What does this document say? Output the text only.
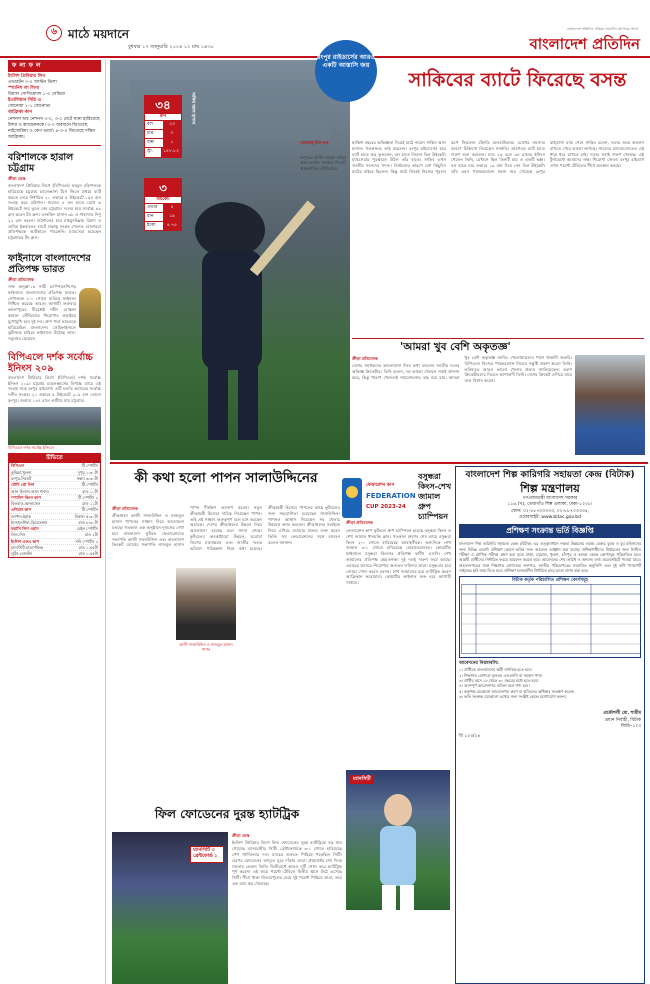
৬ মাঠে ময়দানে
বুধবার ১৭ জানুয়ারি ২০২৪ ১২ মাঘ ১৪৩০
বাংলাদেশ প্রতিদিন পত্রিকা সারাদিন আপনার পাশে
বাংলাদেশ প্রতিদিন
ফলাফল

ইংলিশ প্রিমিয়ার লিগ

এভারটন ০-০ আস্টন ভিলা

স্প্যানিশ লা লিগা

রিয়াল সোসিয়েদাদ ১-০ সেভিয়া

ইতালিয়ান সিরি এ

জেনোয়া ২-১ জেনোভা

আফ্রিকা কাপ

নেশনস অব নেশনস ৩-০, ৩-০ মেটে ঘানা হারিয়েছে মিশর ও ক্যামেরুনকে। ৩-০ ব্যবধানে জিতেছে নাইজেরিয়া ও কেপ ভার্দে। ৪-৩-০ জিতেছে দক্ষিণ আফ্রিকা।

বরিশালকে হারাল চট্টগ্রাম
ক্রীড়া ডেস্ক
বাংলাদেশ প্রিমিয়ার লিগে (বিপিএল) ফরচুন বরিশালকে হারিয়েছে চট্টগ্রাম চ্যালেঞ্জার্স। টসে জিতে প্রথমে ব্যাট করতে নেমে নির্ধারিত ২০ ওভারে ৫ উইকেটে ১৫৪ রান সংগ্রহ করে বরিশাল। জবাবে ৪ বল হাতে রেখে ৬ উইকেটে জয় তুলে নেয় চট্টগ্রাম। দলের হয়ে সর্বোচ্চ ৪৯ রান করেন টম ব্রুস। তানজিদ হাসান ৩৮ ও শাহাদাত দিপু ২২ রান করেন। বরিশালের হয়ে মাহমুদউল্লাহ রিয়াদ ও তামিম ইকবালের ব্যাটে লড়াকু সংগ্রহ পেলেও বোলাররা প্রতিপক্ষকে আটকাতে পারেননি। ম্যাচসেরা হয়েছেন চট্টগ্রামের টম ব্রুস।
ফাইনালে বাংলাদেশের প্রতিপক্ষ ভারত
ক্রীড়া প্রতিবেদক
সাফ অনূর্ধ্ব-১৬ নারী চ্যাম্পিয়নশিপের ফাইনালে বাংলাদেশের প্রতিপক্ষ ভারত। নেপালকে ২-০ গোলে হারিয়ে ফাইনাল নিশ্চিত করেছে ভারত। আগামী শুক্রবার কমলাপুরের বীরশ্রেষ্ঠ শহীদ মোস্তফা কামাল স্টেডিয়ামে শিরোপার লড়াইয়ে মুখোমুখি হবে দুই দল। গ্রুপ পর্বে ভারতকে হারিয়েছিল বাংলাদেশ। সেমিফাইনালে ভুটানকে হারিয়ে ফাইনালে উঠেছে লাল-সবুজের মেয়েরা।
বিপিএলে দর্শক সর্বোচ্চ ইনিংস ২০৯
বাংলাদেশ প্রিমিয়ার লিগে (বিপিএল) দর্শক সর্বোচ্চ ইনিংস ২০৯। চট্টগ্রাম চ্যালেঞ্জার্সের বিপক্ষে ম্যাচে এই সংগ্রহ গড়ে রংপুর রাইডার্স। এটি চলতি আসরের সর্বোচ্চ দলীয় সংগ্রহ। ২০ ওভারে ৫ উইকেটে ২০৯ রান তোলে রংপুর। জবাবে ১৪৭ রানে গুটিয়ে যায় চট্টগ্রাম।
বিপিএলে দর্শক সর্বোচ্চ ইনিংসে
টিভিতে
বিপিএল	টি স্পোর্টস
কুমিল্লা-খুলনা	দুপুর ১:৩০টা
রংপুর-সিলেট	সন্ধ্যা ৬:৩০টা
সৌদি প্রো লিগ	টি স্পোর্টস
আল হিলাল-আল শাবাব	রাত ১০টা
স্প্যানিশ কিংস কাপ	টি স্পোর্টস ২
বিলবাও-আলাভেস	রাত ১১টা
এশিয়ান কাপ	টি স্পোর্টস
জাপান-ইরাক	বিকাল ৫:৩০টা
ইন্দোনেশিয়া-ভিয়েতনাম	রাত ৮:৩০টা
ফরাসি লিগ ওয়ান	বেইন স্পোর্টস
লিল-নিস	রাত ২টা
ইংলিশ এফএ কাপ	সনি স্পোর্টস ২
ম্যানসিটি-হাডার্সফিল্ড	রাত ১:৪৫টা
লুটন-বোলটন	রাত ১:৪৫টা
৩৪
রান
বল	২৩
চার	৩
ছক্কা	১
স্ট্রা.	১৪৭.৮২
সাকিব আল হাসান
৩
উইকেট
ওভার	৪
রান	১৯
ইকো.	৪.৭৫
রংপুর রাইডার্সের আরও একটি আস্তাসি জয়
সাকিবের ব্যাটে ফিরেছে বসন্ত
মেজবাহ্-উল-হক
রংপুরের ব্যাটিং তারকা সাকিব আল হাসান। গতকাল সিলেট আন্তর্জাতিক স্টেডিয়ামে
ছাব্বিশ বছরের অভিজ্ঞতা দিয়েই মাঠে নামেন সাকিব আল হাসান। গতকালও তাই করলেন। রংপুর রাইডার্সের হয়ে ব্যাট হাতে ঝড় তুললেন, বল হাতে নিলেন তিন উইকেট। ম্যাচসেরার পুরস্কারও উঠল তাঁর হাতে। সাকিব এখন জাতীয় সংসদের সদস্য। নির্বাচনের কারণে বেশ কিছুদিন মাঠের বাইরে ছিলেন। কিন্তু মাঠে ফিরেই নিজের পুরনো রূপে ফিরলেন বাঁহাতি অলরাউন্ডার। চোখের সমস্যার কারণে চিকিৎসা নিয়েছেন সম্প্রতি। তারপরও ব্যাট হাতে দারুণ শুরু করলেন। মাত্র ২৩ বলে ৩৪ রানের ইনিংস খেলেন তিনি, যেখানে ছিল তিনটি চার ও একটি ছক্কা। বল হাতে চার ওভারে ১৯ রান দিয়ে নেন তিন উইকেট। তাঁর এমন পারফরম্যান্সে সহজ জয় পেয়েছে রংপুর রাইডার্স। ম্যাচ শেষে সাকিব বলেন, দলের জয়ে অবদান রাখতে পেরে ভালো লাগছে। সামনের ম্যাচগুলোতেও এই ধারা ধরে রাখতে চাই। দলের সবাই দারুণ খেলছে। এই টুর্নামেন্টে আমাদের লক্ষ্য শিরোপা জেতা। রংপুর রাইডার্স এখন পয়েন্ট টেবিলের শীর্ষে অবস্থান করছে।
'আমরা খুব বেশি অকৃতজ্ঞ'
ক্রীড়া প্রতিবেদক
দেশের সমর্থকদের ভালোবাসা নিয়ে কথা বললেন জাতীয় দলের অভিজ্ঞ ক্রিকেটার। তিনি বলেন, দল ভালো খেললে সবাই প্রশংসা করে, কিন্তু খারাপ খেললেই সমালোচনার ঝড় বয়ে যায়। আমরা খুব বেশি অকৃতজ্ঞ জাতি। খেলোয়াড়দের পাশে থাকাটা জরুরি। বিপিএলে নিজের পারফরম্যান্স নিয়েও সন্তুষ্টি প্রকাশ করেন তিনি। ভবিষ্যতে আরও ভালো খেলার প্রত্যয় জানিয়েছেন। তরুণ ক্রিকেটারদের নিয়েও আশাবাদী তিনি। দেশের ক্রিকেট এগিয়ে যাবে বলে বিশ্বাস করেন।
কী কথা হলো পাপন সালাউদ্দিনের
ক্রীড়া প্রতিবেদক
ক্রীড়াঙ্গনে কাজী সালাউদ্দিন ও নাজমুল হাসান পাপনের সাক্ষাৎ নিয়ে আলোচনা চলছে। গতকাল এক অনুষ্ঠানে দুজনের দেখা হয়। বাংলাদেশ ফুটবল ফেডারেশনের সভাপতি কাজী সালাউদ্দিন এবং বাংলাদেশ ক্রিকেট বোর্ডের সভাপতি নাজমুল হাসান পাপন দীর্ঘক্ষণ আলাপ করেন। নতুন ক্রীড়ামন্ত্রী হিসেবে দায়িত্ব নিয়েছেন পাপন। তাই এই সাক্ষাৎ গুরুত্বপূর্ণ বলে মনে করছেন অনেকে। দেশের ক্রীড়াঙ্গনের উন্নয়ন নিয়ে আলোচনা হয়েছে বলে জানা গেছে। ফুটবলের অবকাঠামো উন্নয়ন, ঘরোয়া লিগের মানোন্নয়ন এবং জাতীয় দলের ভবিষ্যৎ পরিকল্পনা নিয়ে কথা হয়েছে। ক্রীড়ামন্ত্রী হিসেবে পাপনের কাছে ফুটবলের জন্য সহযোগিতা চেয়েছেন সালাউদ্দিন। পাপনও আশ্বাস দিয়েছেন সব খেলার উন্নয়নে কাজ করবেন। ক্রীড়াঙ্গনের সবাইকে নিয়ে এগিয়ে যাওয়ার প্রত্যয় ব্যক্ত করেন তিনি। সব ফেডারেশনের সঙ্গে বসবেন বলেও জানান।
কাজী সালাউদ্দিন ও নাজমুল হাসান পাপন
ফেডারেশন কাপ
FEDERATION
CUP 2023-24
বসুন্ধরা কিংস-শেখ জামাল গ্রুপ চ্যাম্পিয়ন
ক্রীড়া প্রতিবেদক
ফেডারেশন কাপ ফুটবলে গ্রুপ চ্যাম্পিয়ন হয়েছে বসুন্ধরা কিংস ও শেখ জামাল ধানমন্ডি ক্লাব। গতকাল গ্রুপের শেষ ম্যাচে বসুন্ধরা কিংস ২-০ গোলে হারিয়েছে আবাহনীকে। অন্যদিকে শেখ জামাল ৩-১ গোলে হারিয়েছে মোহামেডানকে। কোয়ার্টার ফাইনালে বসুন্ধরা কিংসের প্রতিপক্ষ ফর্টিস এফসি। শেখ জামালের প্রতিপক্ষ রহমতগঞ্জ। দুই দলই দারুণ ফর্মে আছে। এবারের আসরে শিরোপার অন্যতম দাবিদার তারা। বসুন্ধরার হয়ে জোড়া গোল করেন রবসন। শেখ জামালের হয়ে হ্যাটট্রিক করেন আফ্রিকান ফরোয়ার্ড। কোয়ার্টার ফাইনাল শুরু হবে আগামী সপ্তাহে।
ম্যানসিটি
ফিল ফোডেনের দুরন্ত হ্যাটট্রিক
ম্যানসিটি ৩ ব্রেন্টফোর্ড ১
ক্রীড়া ডেস্ক
ইংলিশ প্রিমিয়ার লিগে ফিল ফোডেনের দুরন্ত হ্যাটট্রিকে বড় জয় পেয়েছে ম্যানচেস্টার সিটি। ব্রেন্টফোর্ডকে ৩-১ গোলে হারিয়েছে পেপ গার্দিওলার দল। ম্যাচের শুরুতে পিছিয়ে পড়েছিল সিটি। এরপর ফোডেনের জাদুতে ঘুরে দাঁড়ায় তারা। প্রথমার্ধের শেষ দিকে সমতায় ফেরান তিনি। দ্বিতীয়ার্ধে আরও দুটি গোল করে হ্যাটট্রিক পূর্ণ করেন। এই জয়ে পয়েন্ট টেবিলে দ্বিতীয় স্থানে উঠে এসেছে সিটি। শীর্ষে থাকা লিভারপুলের চেয়ে দুই পয়েন্ট পিছিয়ে তারা, তবে এক ম্যাচ কম খেলেছে।
বাংলাদেশ শিল্প কারিগরি সহায়তা কেন্দ্র (বিটাক)
শিল্প মন্ত্রণালয়
গণপ্রজাতন্ত্রী বাংলাদেশ সরকার
১১৬ (খ), তেজগাঁও শিল্প এলাকা, ঢাকা-১২০৮।
ফোন: ০২-৮৮৭০৩৩৩৩, ০২-৮৮৭০৩৩৩৪,
ওয়েবসাইট: www.bitac.gov.bd
প্রশিক্ষণ সংক্রান্ত ভর্তি বিজ্ঞপ্তি
বাংলাদেশ শিল্প কারিগরি সহায়তা কেন্দ্র (বিটাক) এর তত্ত্বাবধানে দক্ষতা উন্নয়নের লক্ষ্যে বেকার যুবক ও যুব মহিলাদের জন্য বিভিন্ন মেয়াদি প্রশিক্ষণ কোর্সে ভর্তির জন্য আবেদন আহ্বান করা যাচ্ছে। প্রশিক্ষণার্থীদের নির্বাচনের জন্য লিখিত পরীক্ষা ও মৌখিক পরীক্ষা গ্রহণ করা হবে। ঢাকা, চট্টগ্রাম, খুলনা, চাঁদপুর ও বগুড়া কেন্দ্রে কোর্সসমূহ পরিচালিত হবে। আগ্রহী প্রার্থীদের নির্ধারিত ফরমে আবেদন করতে হবে। আবেদনের শেষ তারিখ ও অন্যান্য তথ্য ওয়েবসাইটে পাওয়া যাবে। আবেদনপত্রের সঙ্গে শিক্ষাগত যোগ্যতার সনদপত্র, জাতীয় পরিচয়পত্রের সত্যায়িত অনুলিপি এবং দুই কপি পাসপোর্ট সাইজের ছবি জমা দিতে হবে। প্রশিক্ষণ চলাকালীন নির্ধারিত হারে ভাতা প্রদান করা হবে।
বিটাক কর্তৃক পরিচালিত প্রশিক্ষণ কোর্সসমূহ
আবেদনের নিয়মাবলি:
১। প্রার্থীকে বাংলাদেশের স্থায়ী নাগরিক হতে হবে।
২। শিক্ষাগত যোগ্যতা ন্যূনতম এসএসসি বা সমমান পাস।
৩। প্রার্থীর বয়স ১৮ থেকে ৩০ বছরের মধ্যে হতে হবে।
৪। অসম্পূর্ণ আবেদনপত্র বাতিল বলে গণ্য হবে।
৫। কর্তৃপক্ষ যেকোনো আবেদনপত্র গ্রহণ বা বাতিলের অধিকার সংরক্ষণ করেন।
৬। ভর্তি সংক্রান্ত যেকোনো তথ্যের জন্য সংশ্লিষ্ট কেন্দ্রে যোগাযোগ করুন।
প্রকৌশলী মো. শামীম
প্রধান নির্বাহী, বিটাক
জিডি-১২৩
বি ১২৩/২৪
